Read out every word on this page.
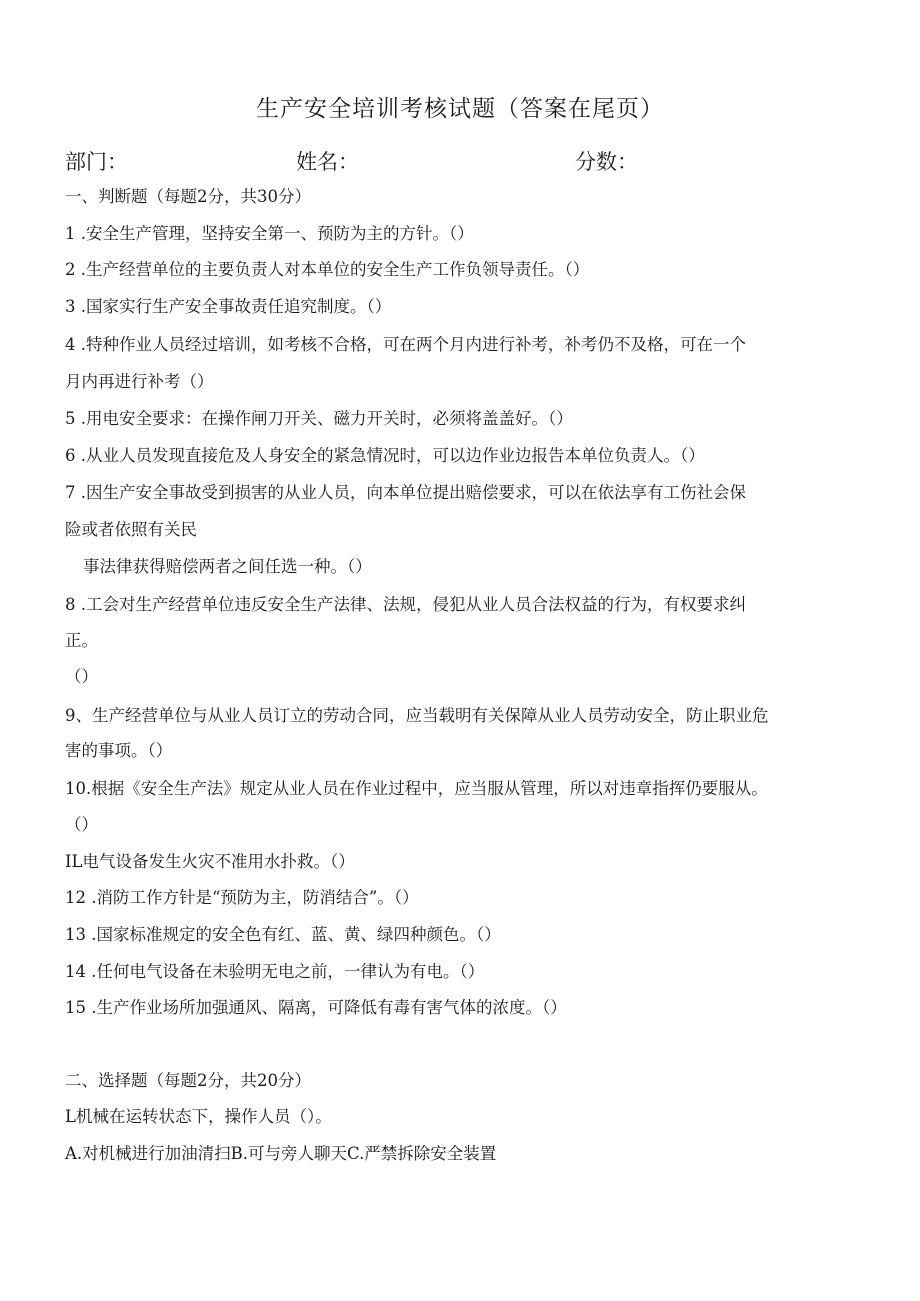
生产安全培训考核试题（答案在尾页）
部门：	姓名：	分数：
一、判断题（每题2分，共30分）
1 .安全生产管理，坚持安全第一、预防为主的方针。（）
2 .生产经营单位的主要负责人对本单位的安全生产工作负领导责任。（）
3 .国家实行生产安全事故责任追究制度。（）
4 .特种作业人员经过培训，如考核不合格，可在两个月内进行补考，补考仍不及格，可在一个
月内再进行补考（）
5 .用电安全要求：在操作闸刀开关、磁力开关时，必须将盖盖好。（）
6 .从业人员发现直接危及人身安全的紧急情况时，可以边作业边报告本单位负责人。（）
7 .因生产安全事故受到损害的从业人员，向本单位提出赔偿要求，可以在依法享有工伤社会保
险或者依照有关民
事法律获得赔偿两者之间任选一种。（）
8 .工会对生产经营单位违反安全生产法律、法规，侵犯从业人员合法权益的行为，有权要求纠
正。
（）
9、生产经营单位与从业人员订立的劳动合同，应当载明有关保障从业人员劳动安全，防止职业危
害的事项。（）
10.根据《安全生产法》规定从业人员在作业过程中，应当服从管理，所以对违章指挥仍要服从。
（）
IL电气设备发生火灾不准用水扑救。（）
12 .消防工作方针是“预防为主，防消结合”。（）
13 .国家标准规定的安全色有红、蓝、黄、绿四种颜色。（）
14 .任何电气设备在未验明无电之前，一律认为有电。（）
15 .生产作业场所加强通风、隔离，可降低有毒有害气体的浓度。（）
二、选择题（每题2分，共20分）
L机械在运转状态下，操作人员（）。
A.对机械进行加油清扫B.可与旁人聊天C.严禁拆除安全装置
